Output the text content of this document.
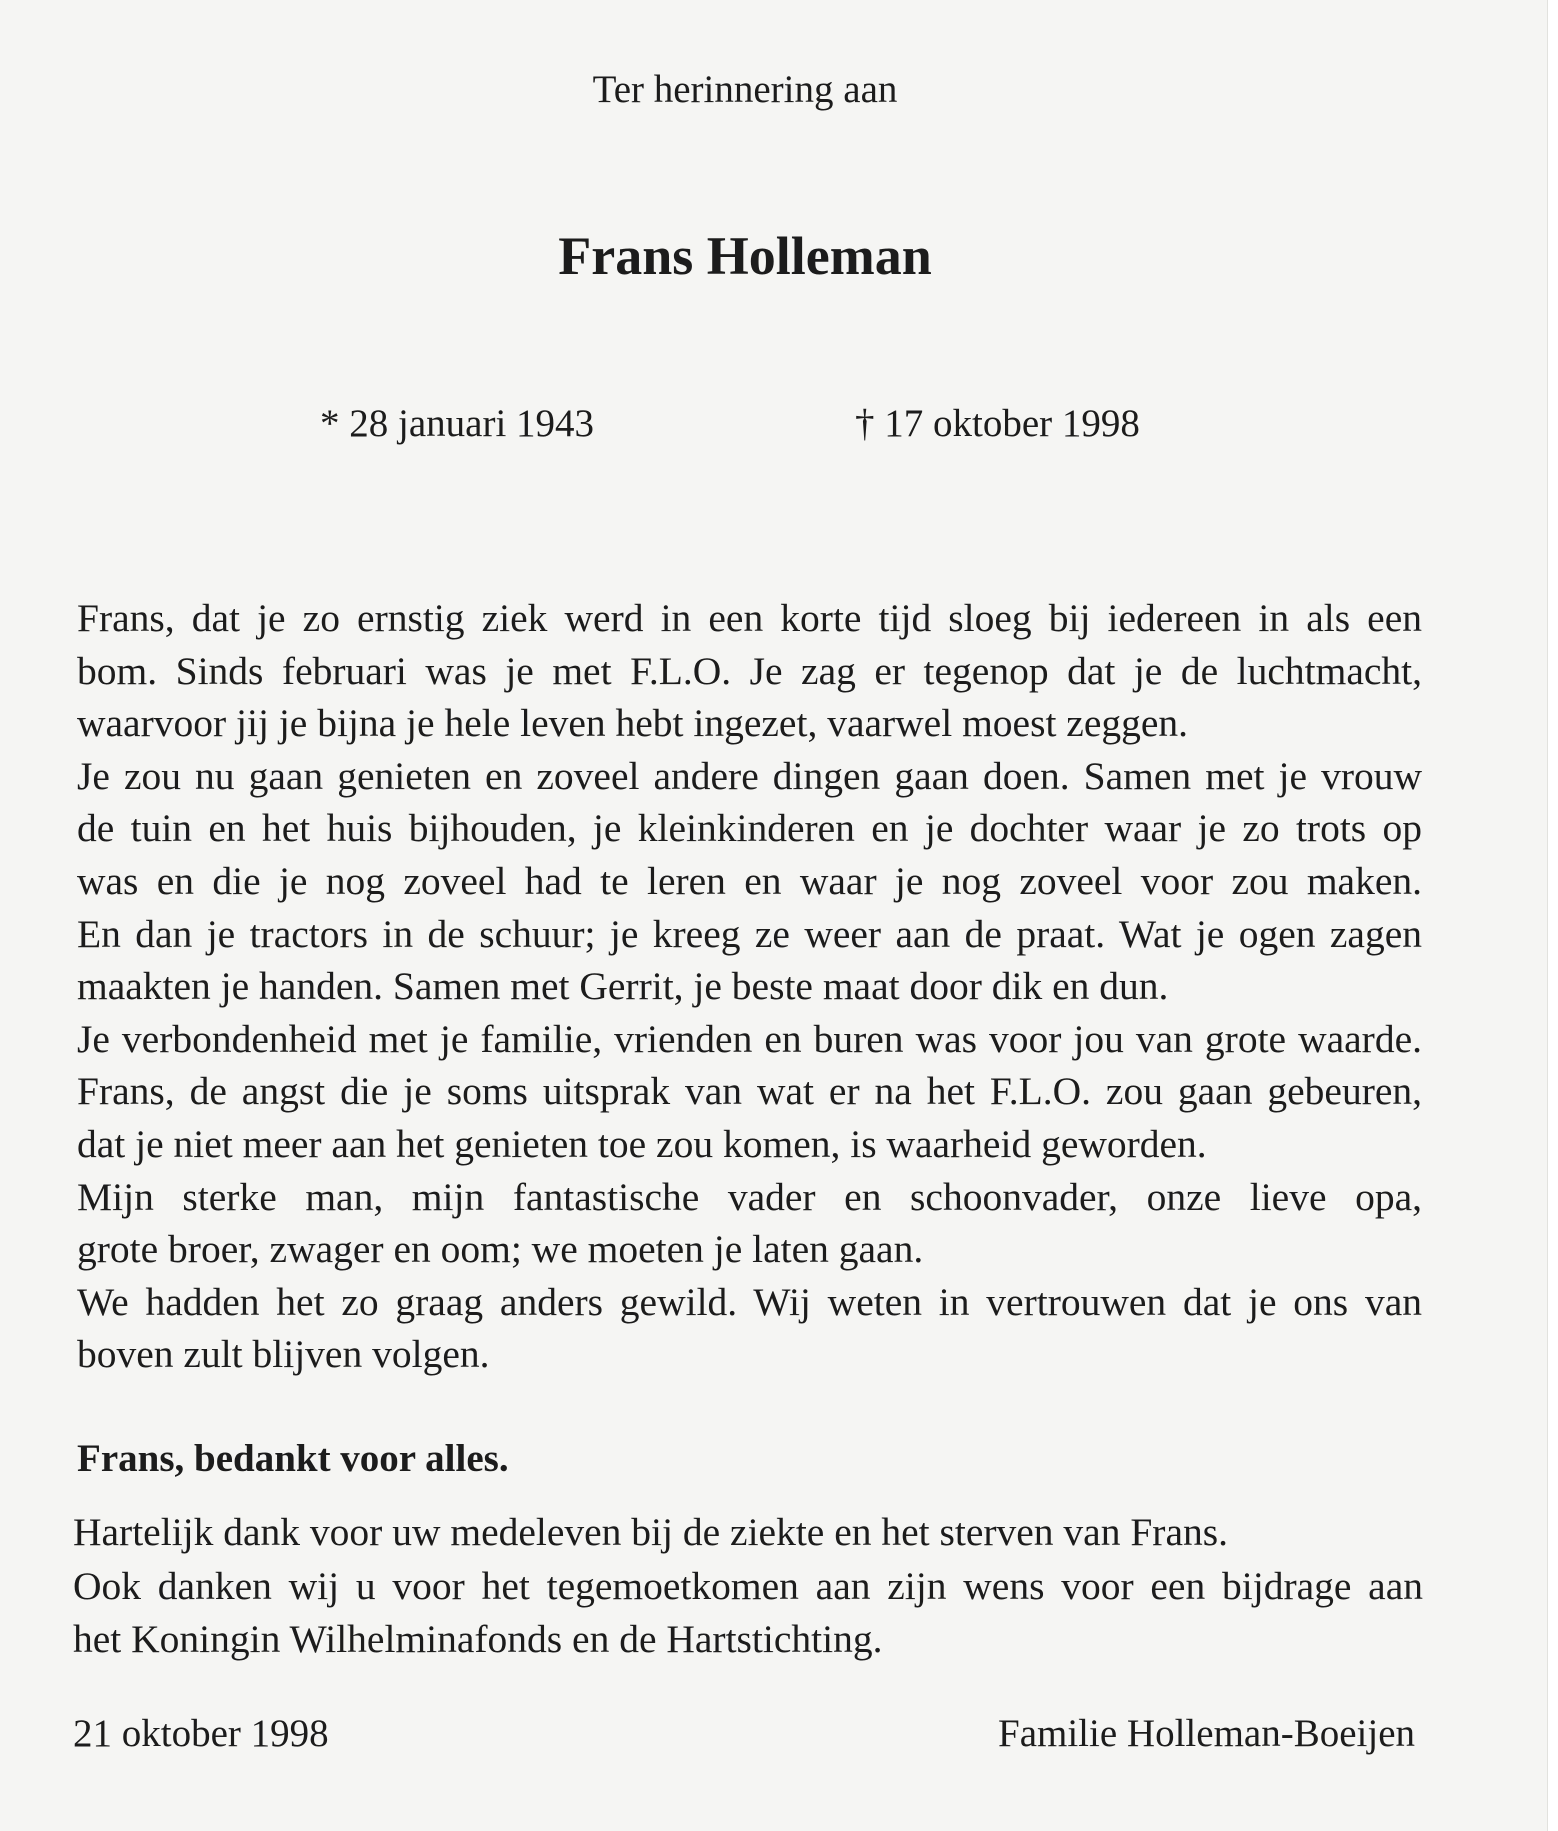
Ter herinnering aan
Frans Holleman
* 28 januari 1943	† 17 oktober 1998
Frans, dat je zo ernstig ziek werd in een korte tijd sloeg bij iedereen in als een
bom. Sinds februari was je met F.L.O. Je zag er tegenop dat je de luchtmacht,
waarvoor jij je bijna je hele leven hebt ingezet, vaarwel moest zeggen.
Je zou nu gaan genieten en zoveel andere dingen gaan doen. Samen met je vrouw
de tuin en het huis bijhouden, je kleinkinderen en je dochter waar je zo trots op
was en die je nog zoveel had te leren en waar je nog zoveel voor zou maken.
En dan je tractors in de schuur; je kreeg ze weer aan de praat. Wat je ogen zagen
maakten je handen. Samen met Gerrit, je beste maat door dik en dun.
Je verbondenheid met je familie, vrienden en buren was voor jou van grote waarde.
Frans, de angst die je soms uitsprak van wat er na het F.L.O. zou gaan gebeuren,
dat je niet meer aan het genieten toe zou komen, is waarheid geworden.
Mijn sterke man, mijn fantastische vader en schoonvader, onze lieve opa,
grote broer, zwager en oom; we moeten je laten gaan.
We hadden het zo graag anders gewild. Wij weten in vertrouwen dat je ons van
boven zult blijven volgen.
Frans, bedankt voor alles.
Hartelijk dank voor uw medeleven bij de ziekte en het sterven van Frans.
Ook danken wij u voor het tegemoetkomen aan zijn wens voor een bijdrage aan
het Koningin Wilhelminafonds en de Hartstichting.
21 oktober 1998	Familie Holleman-Boeijen
